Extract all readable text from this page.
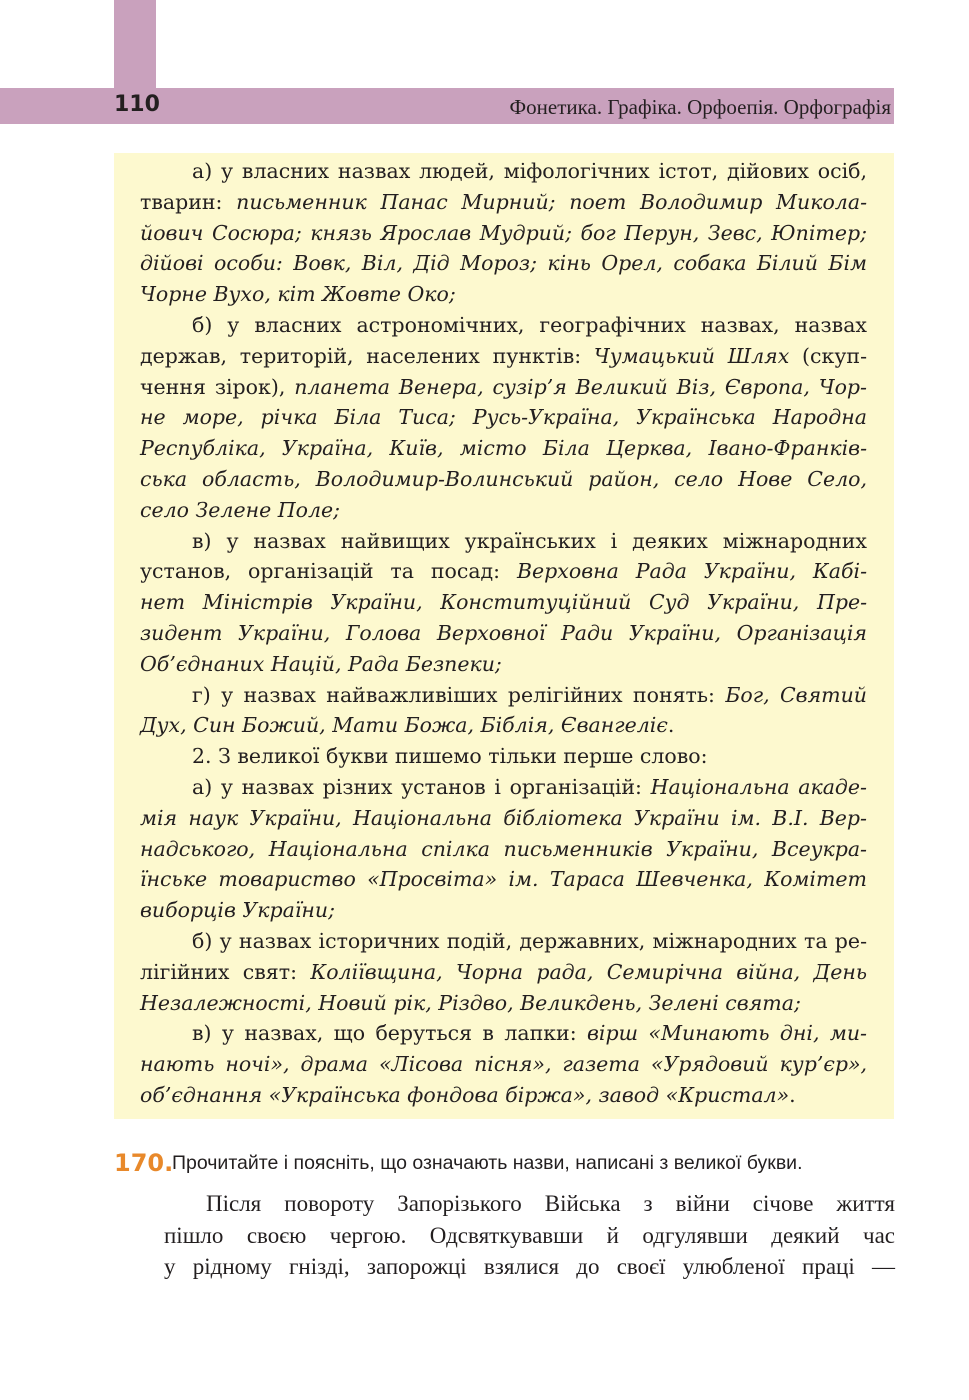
110	Фонетика. Графіка. Орфоепія. Орфографія
а) у власних назвах людей, міфологічних істот, дійових осіб,
тварин: письменник Панас Мирний; поет Володимир Микола-
йович Сосюра; князь Ярослав Мудрий; бог Перун, Зевс, Юпітер;
дійові особи: Вовк, Віл, Дід Мороз; кінь Орел, собака Білий Бім
Чорне Вухо, кіт Жовте Око;
б) у власних астрономічних, географічних назвах, назвах
держав, територій, населених пунктів: Чумацький Шлях (скуп-
чення зірок), планета Венера, сузір’я Великий Віз, Європа, Чор-
не море, річка Біла Тиса; Русь-Україна, Українська Народна
Республіка, Україна, Київ, місто Біла Церква, Івано-Франків-
ська область, Володимир-Волинський район, село Нове Село,
село Зелене Поле;
в) у назвах найвищих українських і деяких міжнародних
установ, організацій та посад: Верховна Рада України, Кабі-
нет Міністрів України, Конституційний Суд України, Пре-
зидент України, Голова Верховної Ради України, Організація
Об’єднаних Націй, Рада Безпеки;
г) у назвах найважливіших релігійних понять: Бог, Святий
Дух, Син Божий, Мати Божа, Біблія, Євангеліє.
2. З великої букви пишемо тільки перше слово:
а) у назвах різних установ і організацій: Національна акаде-
мія наук України, Національна бібліотека України ім. В.І. Вер-
надського, Національна спілка письменників України, Всеукра-
їнське товариство «Просвіта» ім. Тараса Шевченка, Комітет
виборців України;
б) у назвах історичних подій, державних, міжнародних та ре-
лігійних свят: Коліївщина, Чорна рада, Семирічна війна, День
Незалежності, Новий рік, Різдво, Великдень, Зелені свята;
в) у назвах, що беруться в лапки: вірш «Минають дні, ми-
нають ночі», драма «Лісова пісня», газета «Урядовий кур’єр»,
об’єднання «Українська фондова біржа», завод «Кристал».
170.
Прочитайте і поясніть, що означають назви, написані з великої букви.
Після повороту Запорізького Війська з війни січове життя
пішло своєю чергою. Одсвяткувавши й одгулявши деякий час
у рідному гнізді, запорожці взялися до своєї улюбленої праці —
